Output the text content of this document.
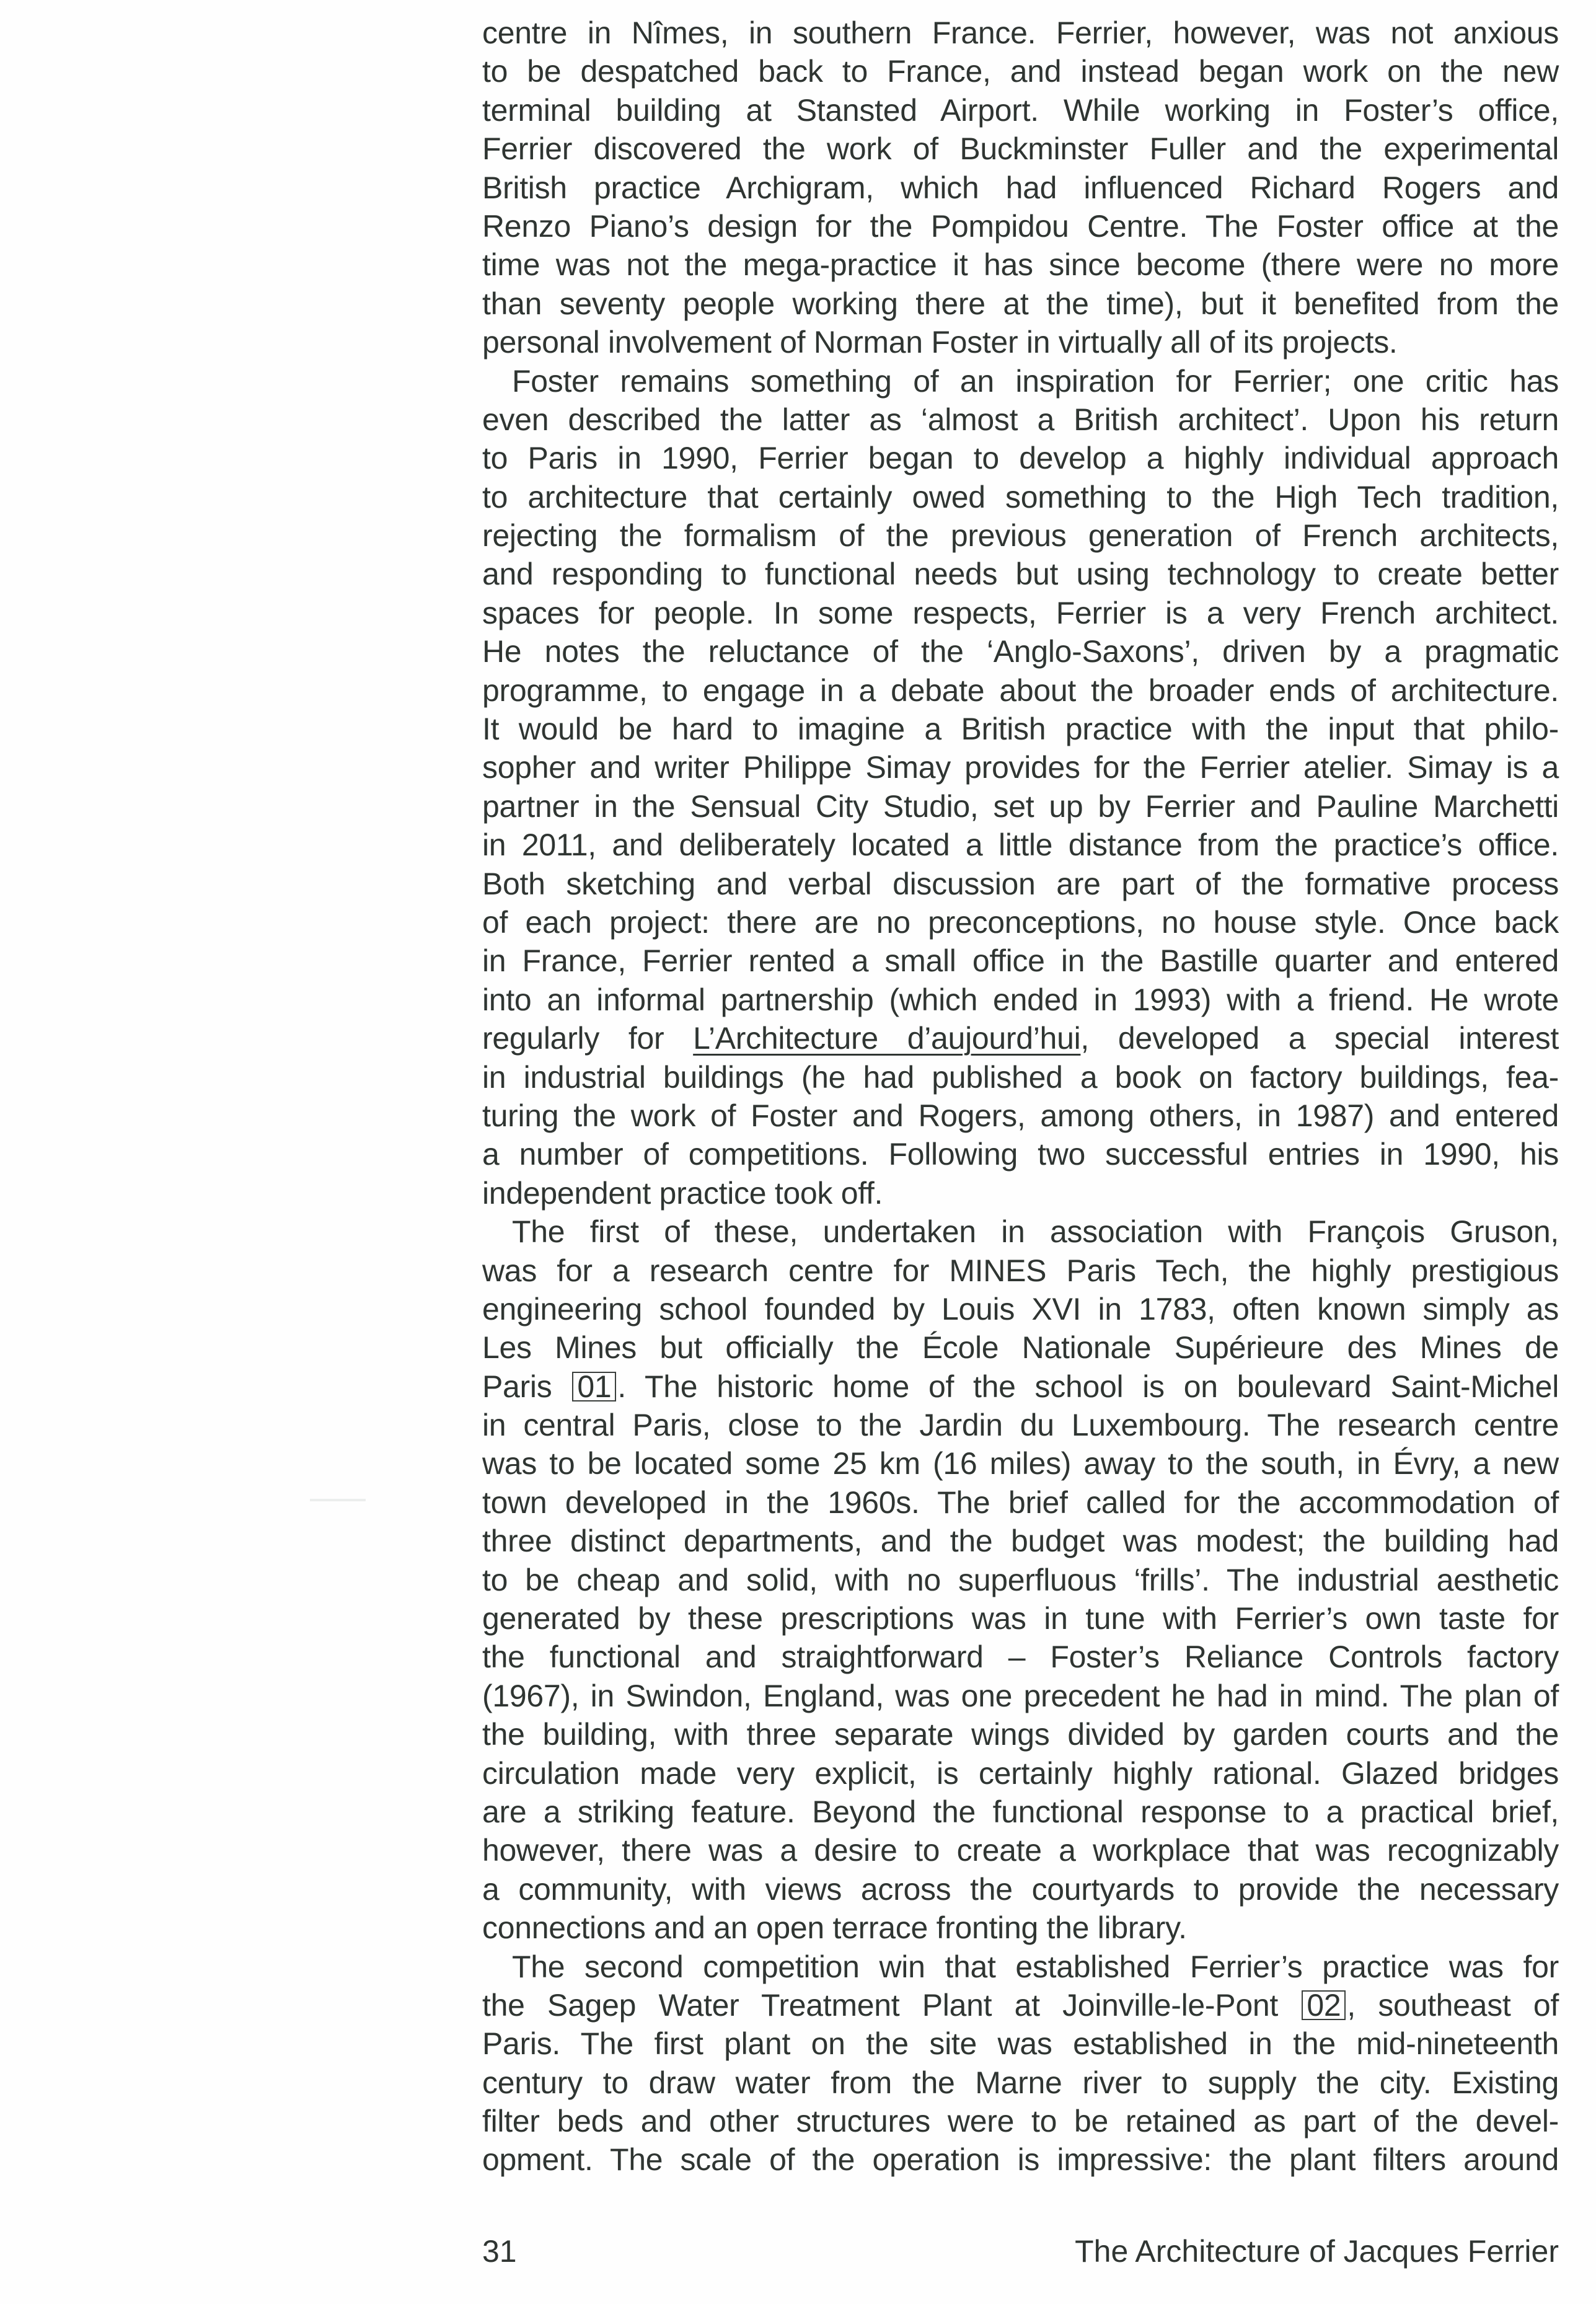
centre in Nîmes, in southern France. Ferrier, however, was not anxious
to be despatched back to France, and instead began work on the new
terminal building at Stansted Airport. While working in Foster’s office,
Ferrier discovered the work of Buckminster Fuller and the experimental
British practice Archigram, which had influenced Richard Rogers and
Renzo Piano’s design for the Pompidou Centre. The Foster office at the
time was not the mega-practice it has since become (there were no more
than seventy people working there at the time), but it benefited from the
personal involvement of Norman Foster in virtually all of its projects.
Foster remains something of an inspiration for Ferrier; one critic has
even described the latter as ‘almost a British architect’. Upon his return
to Paris in 1990, Ferrier began to develop a highly individual approach
to architecture that certainly owed something to the High Tech tradition,
rejecting the formalism of the previous generation of French architects,
and responding to functional needs but using technology to create better
spaces for people. In some respects, Ferrier is a very French architect.
He notes the reluctance of the ‘Anglo-Saxons’, driven by a pragmatic
programme, to engage in a debate about the broader ends of architecture.
It would be hard to imagine a British practice with the input that philo-
sopher and writer Philippe Simay provides for the Ferrier atelier. Simay is a
partner in the Sensual City Studio, set up by Ferrier and Pauline Marchetti
in 2011, and deliberately located a little distance from the practice’s office.
Both sketching and verbal discussion are part of the formative process
of each project: there are no preconceptions, no house style. Once back
in France, Ferrier rented a small office in the Bastille quarter and entered
into an informal partnership (which ended in 1993) with a friend. He wrote
regularly for L’Architecture d’aujourd’hui, developed a special interest
in industrial buildings (he had published a book on factory buildings, fea-
turing the work of Foster and Rogers, among others, in 1987) and entered
a number of competitions. Following two successful entries in 1990, his
independent practice took off.
The first of these, undertaken in association with François Gruson,
was for a research centre for MINES Paris Tech, the highly prestigious
engineering school founded by Louis XVI in 1783, often known simply as
Les Mines but officially the École Nationale Supérieure des Mines de
Paris 01 . The historic home of the school is on boulevard Saint-Michel
in central Paris, close to the Jardin du Luxembourg. The research centre
was to be located some 25 km (16 miles) away to the south, in Évry, a new
town developed in the 1960s. The brief called for the accommodation of
three distinct departments, and the budget was modest; the building had
to be cheap and solid, with no superfluous ‘frills’. The industrial aesthetic
generated by these prescriptions was in tune with Ferrier’s own taste for
the functional and straightforward – Foster’s Reliance Controls factory
(1967), in Swindon, England, was one precedent he had in mind. The plan of
the building, with three separate wings divided by garden courts and the
circulation made very explicit, is certainly highly rational. Glazed bridges
are a striking feature. Beyond the functional response to a practical brief,
however, there was a desire to create a workplace that was recognizably
a community, with views across the courtyards to provide the necessary
connections and an open terrace fronting the library.
The second competition win that established Ferrier’s practice was for
the Sagep Water Treatment Plant at Joinville-le-Pont 02 , southeast of
Paris. The first plant on the site was established in the mid-nineteenth
century to draw water from the Marne river to supply the city. Existing
filter beds and other structures were to be retained as part of the devel-
opment. The scale of the operation is impressive: the plant filters around
31	The Architecture of Jacques Ferrier
